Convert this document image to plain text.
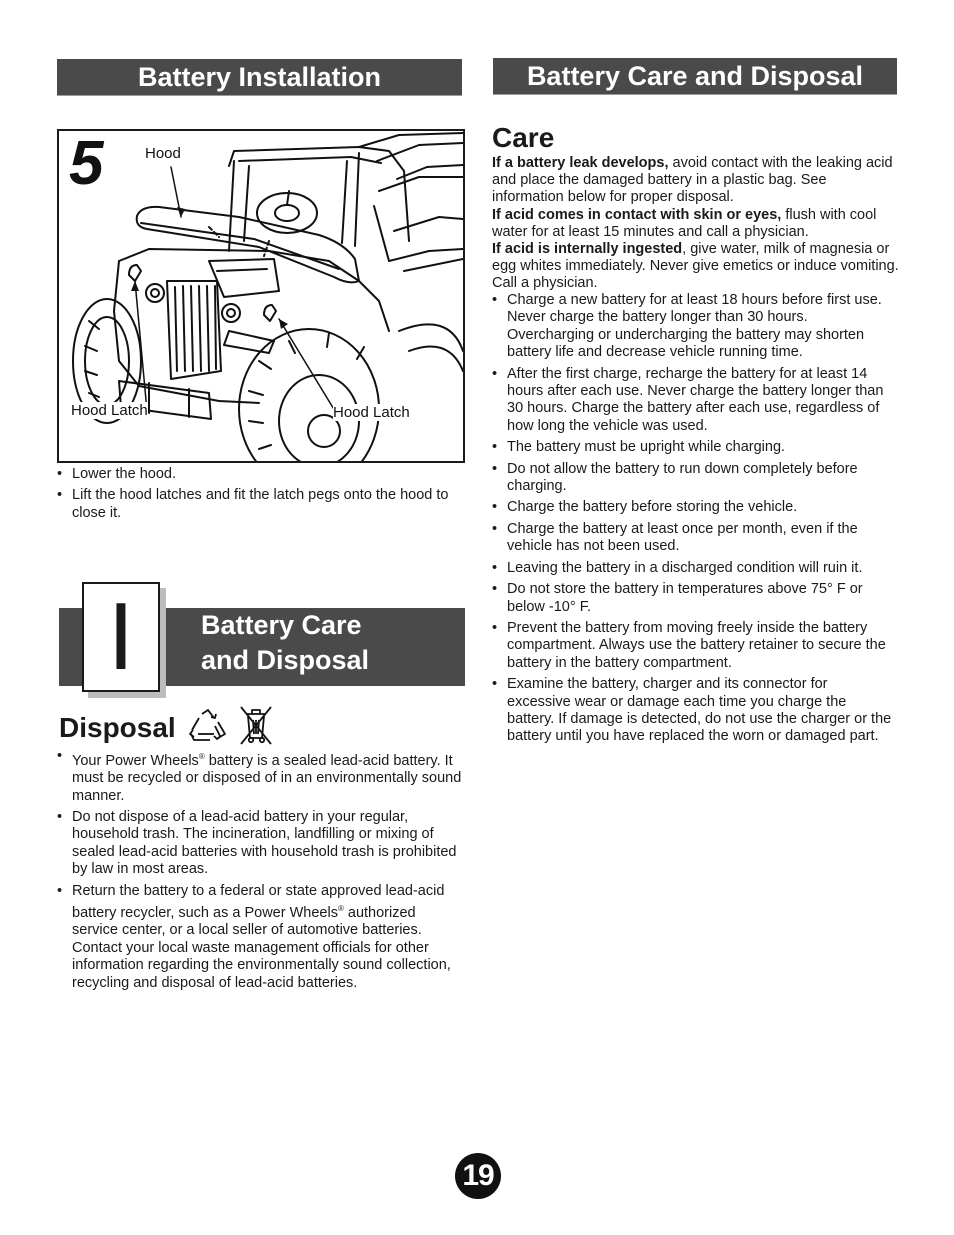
Battery Installation	Battery Care and Disposal
5	Hood
Hood Latch	Hood Latch
• Lower the hood.
• Lift the hood latches and fit the latch pegs onto the hood to close it.
I	Battery Care
and Disposal
Disposal
• Your Power Wheels® battery is a sealed lead-acid battery. It must be recycled or disposed of in an environmentally sound manner.
• Do not dispose of a lead-acid battery in your regular, household trash. The incineration, landfilling or mixing of sealed lead-acid batteries with household trash is prohibited by law in most areas.
• Return the battery to a federal or state approved lead-acid battery recycler, such as a Power Wheels® authorized service center, or a local seller of automotive batteries. Contact your local waste management officials for other information regarding the environmentally sound collection, recycling and disposal of lead-acid batteries.
Care

If a battery leak develops, avoid contact with the leaking acid and place the damaged battery in a plastic bag. See information below for proper disposal.

If acid comes in contact with skin or eyes, flush with cool water for at least 15 minutes and call a physician.

If acid is internally ingested, give water, milk of magnesia or egg whites immediately. Never give emetics or induce vomiting. Call a physician.

• Charge a new battery for at least 18 hours before first use. Never charge the battery longer than 30 hours. Overcharging or undercharging the battery may shorten battery life and decrease vehicle running time.
• After the first charge, recharge the battery for at least 14 hours after each use. Never charge the battery longer than 30 hours. Charge the battery after each use, regardless of how long the vehicle was used.
• The battery must be upright while charging.
• Do not allow the battery to run down completely before charging.
• Charge the battery before storing the vehicle.
• Charge the battery at least once per month, even if the vehicle has not been used.
• Leaving the battery in a discharged condition will ruin it.
• Do not store the battery in temperatures above 75° F or below -10° F.
• Prevent the battery from moving freely inside the battery compartment. Always use the battery retainer to secure the battery in the battery compartment.
• Examine the battery, charger and its connector for excessive wear or damage each time you charge the battery. If damage is detected, do not use the charger or the battery until you have replaced the worn or damaged part.
19
